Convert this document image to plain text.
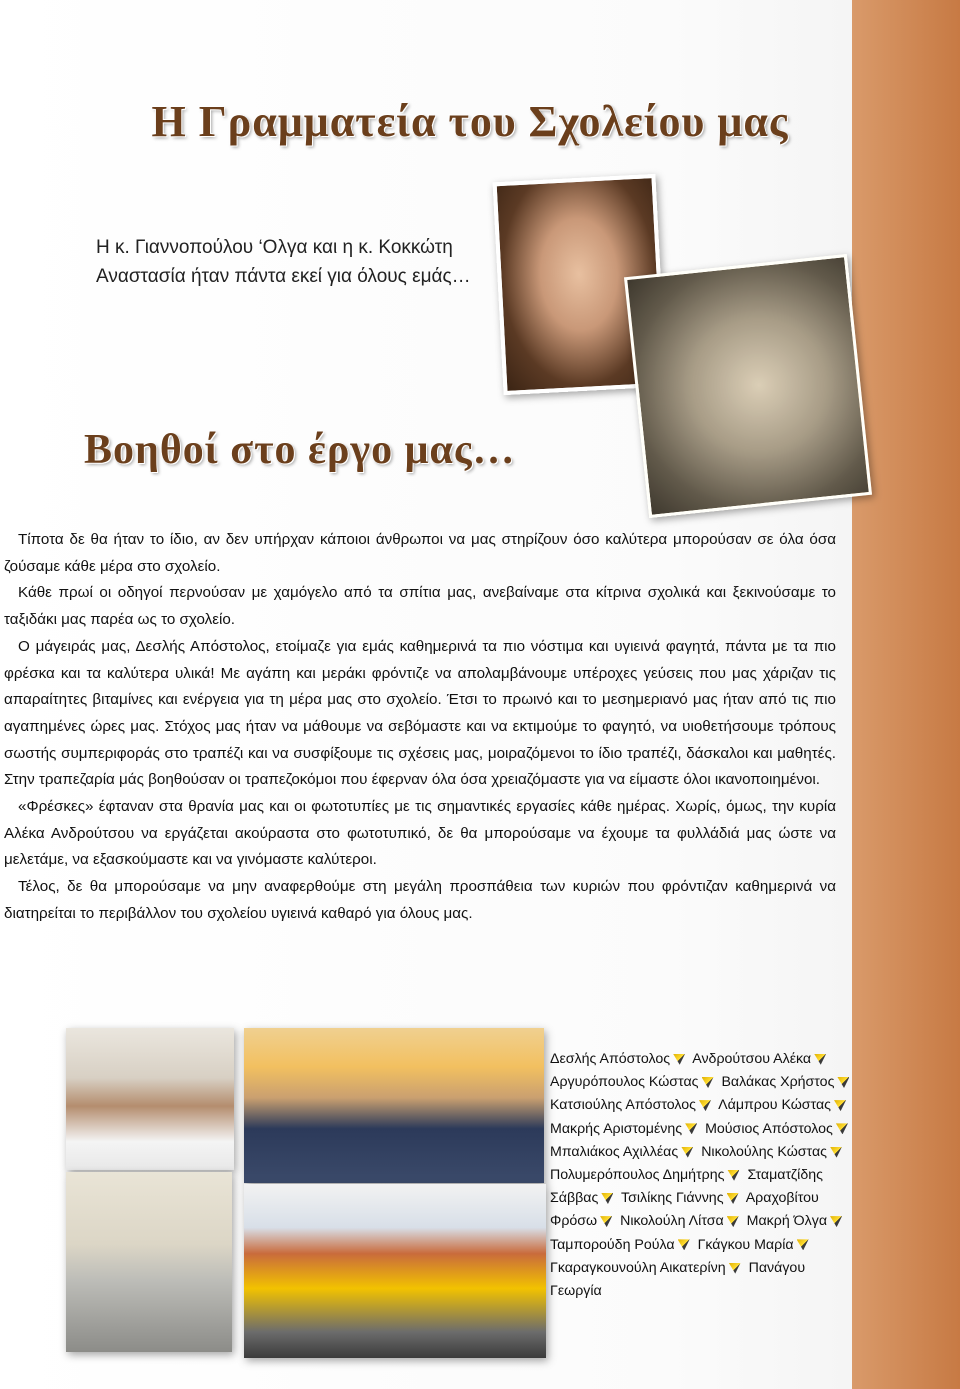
Η Γραμματεία του Σχολείου μας
Η κ. Γιαννοπούλου ‘Ολγα και η κ. Κοκκώτη Αναστασία ήταν πάντα εκεί για όλους εμάς…
Βοηθοί στο έργο μας…

Τίποτα δε θα ήταν το ίδιο, αν δεν υπήρχαν κάποιοι άνθρωποι να μας στηρίζουν όσο καλύτερα μπορούσαν σε όλα όσα ζούσαμε κάθε μέρα στο σχολείο.

Κάθε πρωί οι οδηγοί περνούσαν με χαμόγελο από τα σπίτια μας, ανεβαίναμε στα κίτρινα σχολικά και ξεκινούσαμε το ταξιδάκι μας παρέα ως το σχολείο.

Ο μάγειράς μας, Δεσλής Απόστολος, ετοίμαζε για εμάς καθημερινά τα πιο νόστιμα και υγιεινά φαγητά, πάντα με τα πιο φρέσκα και τα καλύτερα υλικά! Με αγάπη και μεράκι φρόντιζε να απολαμβάνουμε υπέροχες γεύσεις που μας χάριζαν τις απαραίτητες βιταμίνες και ενέργεια για τη μέρα μας στο σχολείο. Έτσι το πρωινό και το μεσημεριανό μας ήταν από τις πιο αγαπημένες ώρες μας. Στόχος μας ήταν να μάθουμε να σεβόμαστε και να εκτιμούμε το φαγητό, να υιοθετήσουμε τρόπους σωστής συμπεριφοράς στο τραπέζι και να συσφίξουμε τις σχέσεις μας, μοιραζόμενοι το ίδιο τραπέζι, δάσκαλοι και μαθητές. Στην τραπεζαρία μάς βοηθούσαν οι τραπεζοκόμοι που έφερναν όλα όσα χρειαζόμαστε για να είμαστε όλοι ικανοποιημένοι.

«Φρέσκες» έφταναν στα θρανία μας και οι φωτοτυπίες με τις σημαντικές εργασίες κάθε ημέρας. Χωρίς, όμως, την κυρία Αλέκα Ανδρούτσου να εργάζεται ακούραστα στο φωτοτυπικό, δε θα μπορούσαμε να έχουμε τα φυλλάδιά μας ώστε να μελετάμε, να εξασκούμαστε και να γινόμαστε καλύτεροι.

Τέλος, δε θα μπορούσαμε να μην αναφερθούμε στη μεγάλη προσπάθεια των κυριών που φρόντιζαν καθημερινά να διατηρείται το περιβάλλον του σχολείου υγιεινά καθαρό για όλους μας.

Δεσλής Απόστολος Ανδρούτσου Αλέκα Αργυρόπουλος Κώστας Βαλάκας Χρήστος Κατσιούλης Απόστολος Λάμπρου Κώστας Μακρής Αριστομένης Μούσιος Απόστολος Μπαλιάκος Αχιλλέας Νικολούλης Κώστας Πολυμερόπουλος Δημήτρης Σταματζίδης Σάββας Τσιλίκης Γιάννης Αραχοβίτου Φρόσω Νικολούλη Λίτσα Μακρή Όλγα Ταμπορούδη Ρούλα Γκάγκου Μαρία Γκαραγκουνούλη Αικατερίνη Πανάγου Γεωργία
